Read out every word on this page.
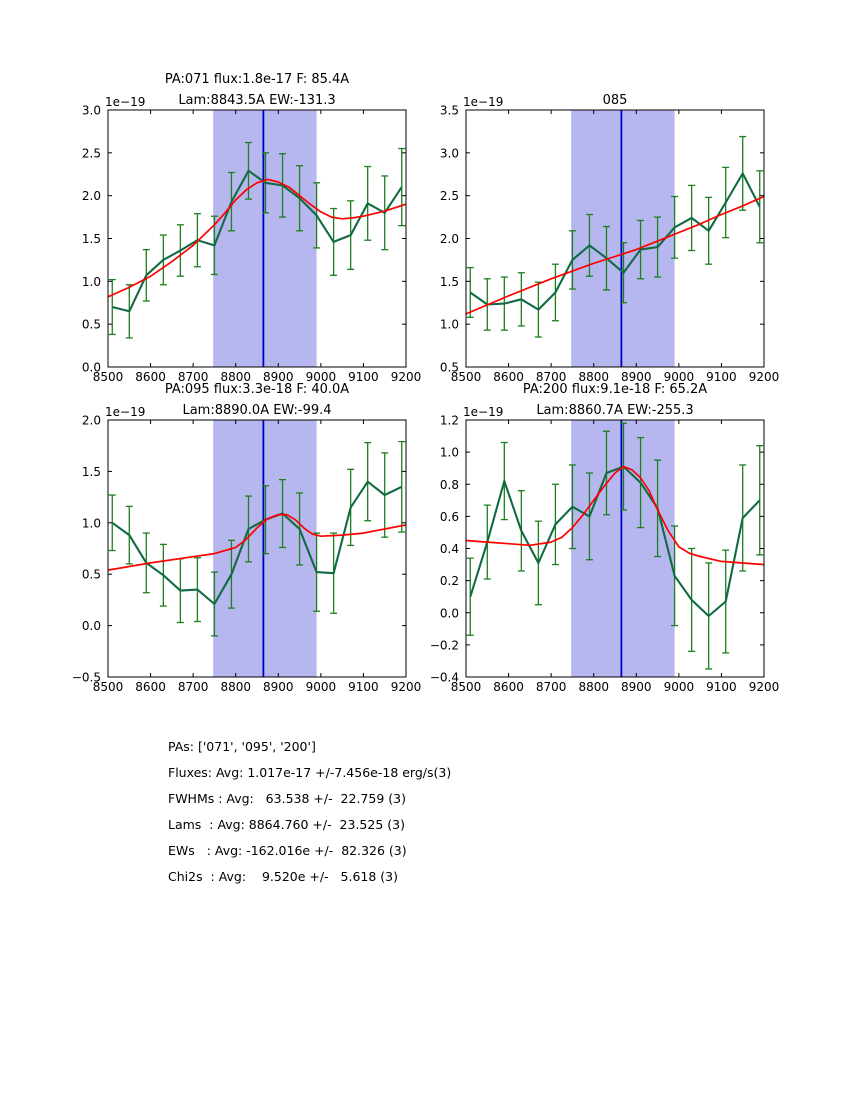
8500 8600 8700 8800 8900 9000 9100 9200
0.0
0.5
1.0
1.5
2.0
2.5
3.0
PA:071 flux:1.8e-17 F: 85.4A
Lam:8843.5A EW:-131.3
1e−19
8500 8600 8700 8800 8900 9000 9100 9200
0.5
1.0
1.5
2.0
2.5
3.0
3.5
085
1e−19
8500 8600 8700 8800 8900 9000 9100 9200
−0.5
0.0
0.5
1.0
1.5
2.0
PA:095 flux:3.3e-18 F: 40.0A
Lam:8890.0A EW:-99.4
1e−19
8500 8600 8700 8800 8900 9000 9100 9200
−0.4
−0.2
0.0
0.2
0.4
0.6
0.8
1.0
1.2
PA:200 flux:9.1e-18 F: 65.2A
Lam:8860.7A EW:-255.3
1e−19
PAs: ['071', '095', '200']
Fluxes: Avg: 1.017e-17 +/-7.456e-18 erg/s(3)
FWHMs : Avg:   63.538 +/-  22.759 (3)
Lams  : Avg: 8864.760 +/-  23.525 (3)
EWs   : Avg: -162.016e +/-  82.326 (3)
Chi2s  : Avg:    9.520e +/-   5.618 (3)
